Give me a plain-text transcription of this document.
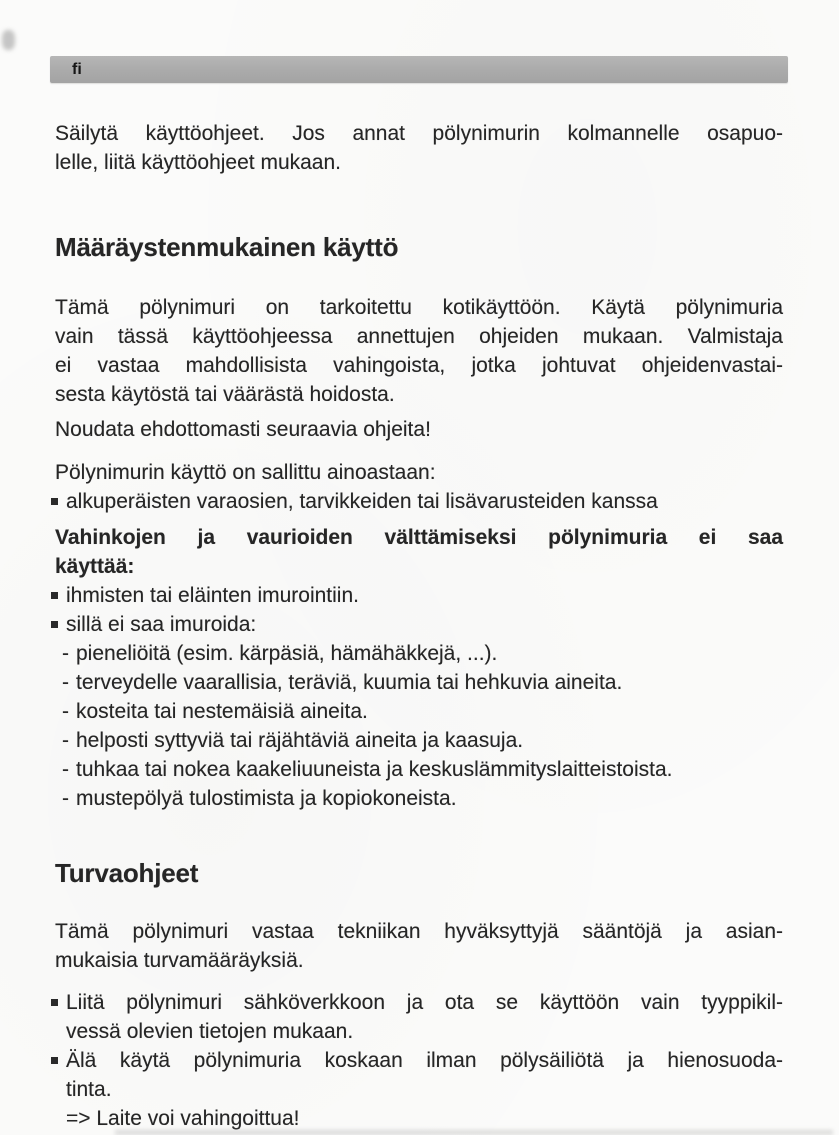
fi
Säilytä käyttöohjeet. Jos annat pölynimurin kolmannelle osapuo-
lelle, liitä käyttöohjeet mukaan.
Määräystenmukainen käyttö
Tämä pölynimuri on tarkoitettu kotikäyttöön. Käytä pölynimuria
vain tässä käyttöohjeessa annettujen ohjeiden mukaan. Valmistaja
ei vastaa mahdollisista vahingoista, jotka johtuvat ohjeidenvastai-
sesta käytöstä tai väärästä hoidosta.
Noudata ehdottomasti seuraavia ohjeita!
Pölynimurin käyttö on sallittu ainoastaan:
alkuperäisten varaosien, tarvikkeiden tai lisävarusteiden kanssa
Vahinkojen ja vaurioiden välttämiseksi pölynimuria ei saa
käyttää:
ihmisten tai eläinten imurointiin.
sillä ei saa imuroida:
- pieneliöitä (esim. kärpäsiä, hämähäkkejä, ...).
- terveydelle vaarallisia, teräviä, kuumia tai hehkuvia aineita.
- kosteita tai nestemäisiä aineita.
- helposti syttyviä tai räjähtäviä aineita ja kaasuja.
- tuhkaa tai nokea kaakeliuuneista ja keskuslämmityslaitteistoista.
- mustepölyä tulostimista ja kopiokoneista.
Turvaohjeet
Tämä pölynimuri vastaa tekniikan hyväksyttyjä sääntöjä ja asian-
mukaisia turvamääräyksiä.
Liitä pölynimuri sähköverkkoon ja ota se käyttöön vain tyyppikil-
vessä olevien tietojen mukaan.
Älä käytä pölynimuria koskaan ilman pölysäiliötä ja hienosuoda-
tinta.
=> Laite voi vahingoittua!
